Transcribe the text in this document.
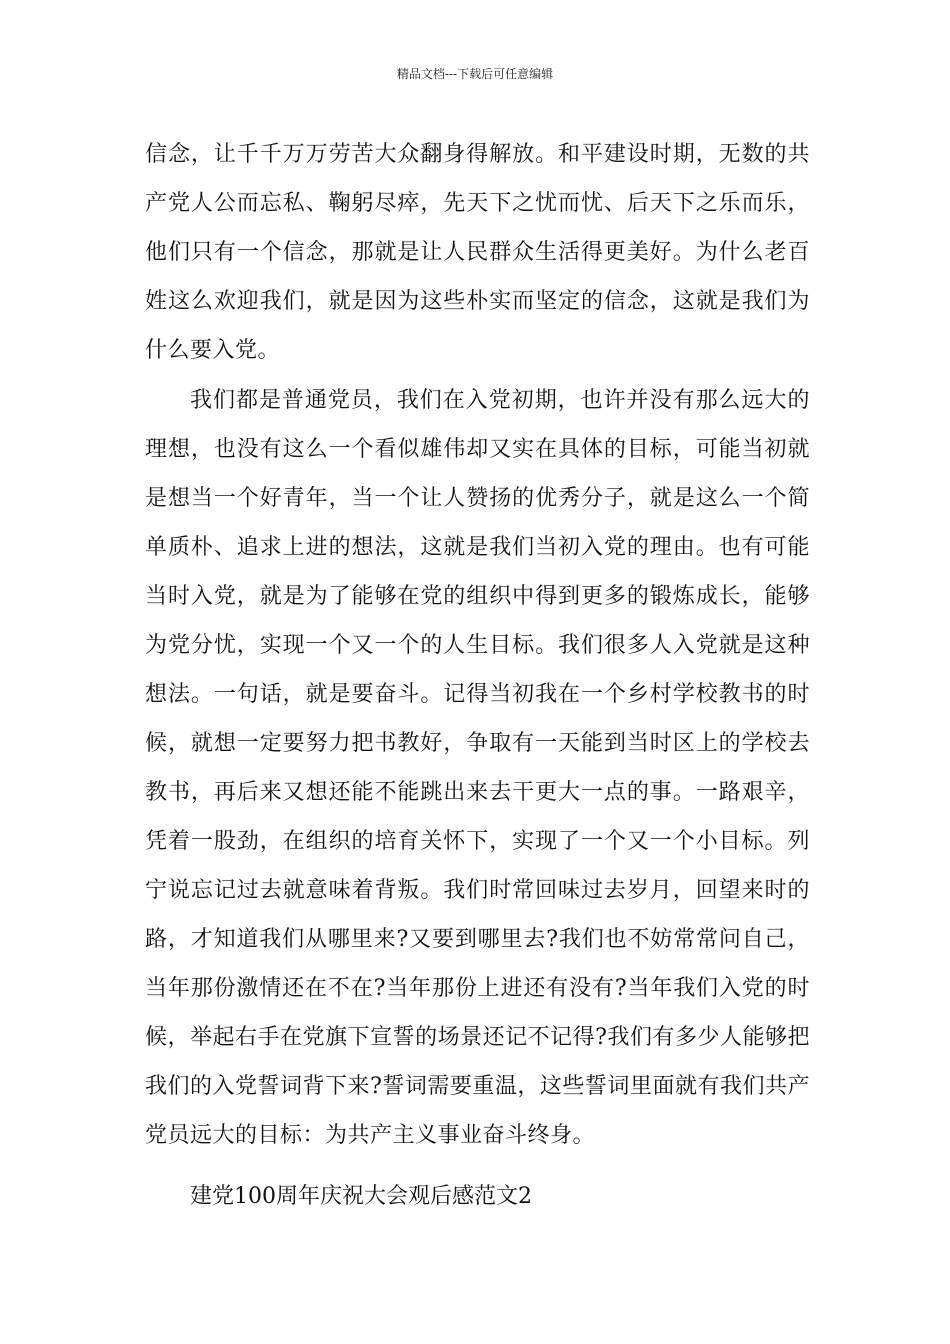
精品文档---下载后可任意编辑
信念，让千千万万劳苦大众翻身得解放。和平建设时期，无数的共
产党人公而忘私、鞠躬尽瘁，先天下之忧而忧、后天下之乐而乐，
他们只有一个信念，那就是让人民群众生活得更美好。为什么老百
姓这么欢迎我们，就是因为这些朴实而坚定的信念，这就是我们为
什么要入党。
我们都是普通党员，我们在入党初期，也许并没有那么远大的
理想，也没有这么一个看似雄伟却又实在具体的目标，可能当初就
是想当一个好青年，当一个让人赞扬的优秀分子，就是这么一个简
单质朴、追求上进的想法，这就是我们当初入党的理由。也有可能
当时入党，就是为了能够在党的组织中得到更多的锻炼成长，能够
为党分忧，实现一个又一个的人生目标。我们很多人入党就是这种
想法。一句话，就是要奋斗。记得当初我在一个乡村学校教书的时
候，就想一定要努力把书教好，争取有一天能到当时区上的学校去
教书，再后来又想还能不能跳出来去干更大一点的事。一路艰辛，
凭着一股劲，在组织的培育关怀下，实现了一个又一个小目标。列
宁说忘记过去就意味着背叛。我们时常回味过去岁月，回望来时的
路，才知道我们从哪里来?又要到哪里去?我们也不妨常常问自己，
当年那份激情还在不在?当年那份上进还有没有?当年我们入党的时
候，举起右手在党旗下宣誓的场景还记不记得?我们有多少人能够把
我们的入党誓词背下来?誓词需要重温，这些誓词里面就有我们共产
党员远大的目标：为共产主义事业奋斗终身。
建党100周年庆祝大会观后感范文2
